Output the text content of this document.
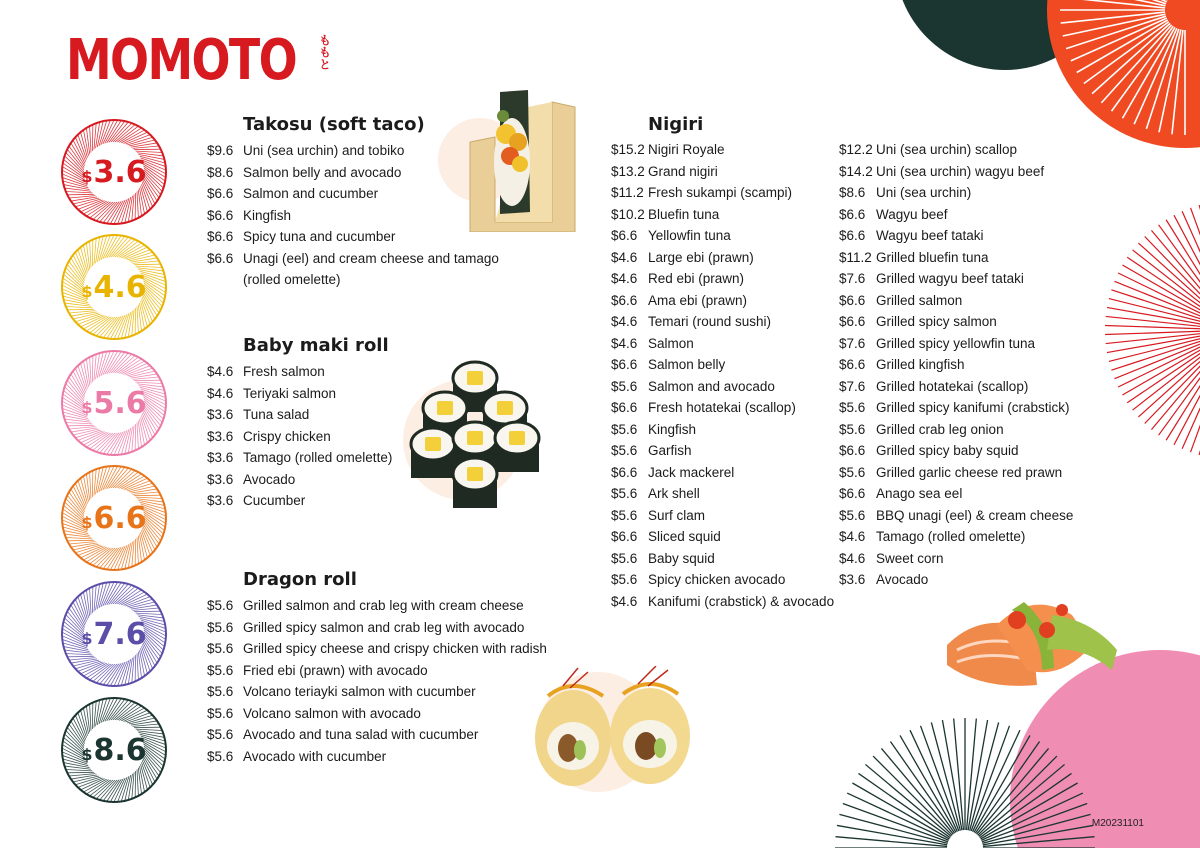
MOMOTO ももと
$ 3.6
$ 4.6
$ 5.6
$ 6.6
$ 7.6
$ 8.6
Takosu (soft taco)
$9.6 Uni (sea urchin) and tobiko
$8.6 Salmon belly and avocado
$6.6 Salmon and cucumber
$6.6 Kingfish
$6.6 Spicy tuna and cucumber
$6.6 Unagi (eel) and cream cheese and tamago
(rolled omelette)
Baby maki roll
$4.6 Fresh salmon
$4.6 Teriyaki salmon
$3.6 Tuna salad
$3.6 Crispy chicken
$3.6 Tamago (rolled omelette)
$3.6 Avocado
$3.6 Cucumber
Dragon roll
$5.6 Grilled salmon and crab leg with cream cheese
$5.6 Grilled spicy salmon and crab leg with avocado
$5.6 Grilled spicy cheese and crispy chicken with radish
$5.6 Fried ebi (prawn) with avocado
$5.6 Volcano teriayki salmon with cucumber
$5.6 Volcano salmon with avocado
$5.6 Avocado and tuna salad with cucumber
$5.6 Avocado with cucumber
Nigiri
$15.2 Nigiri Royale
$13.2 Grand nigiri
$11.2 Fresh sukampi (scampi)
$10.2 Bluefin tuna
$6.6 Yellowfin tuna
$4.6 Large ebi (prawn)
$4.6 Red ebi (prawn)
$6.6 Ama ebi (prawn)
$4.6 Temari (round sushi)
$4.6 Salmon
$6.6 Salmon belly
$5.6 Salmon and avocado
$6.6 Fresh hotatekai (scallop)
$5.6 Kingfish
$5.6 Garfish
$6.6 Jack mackerel
$5.6 Ark shell
$5.6 Surf clam
$6.6 Sliced squid
$5.6 Baby squid
$5.6 Spicy chicken avocado
$4.6 Kanifumi (crabstick) & avocado
$12.2 Uni (sea urchin) scallop
$14.2 Uni (sea urchin) wagyu beef
$8.6 Uni (sea urchin)
$6.6 Wagyu beef
$6.6 Wagyu beef tataki
$11.2 Grilled bluefin tuna
$7.6 Grilled wagyu beef tataki
$6.6 Grilled salmon
$6.6 Grilled spicy salmon
$7.6 Grilled spicy yellowfin tuna
$6.6 Grilled kingfish
$7.6 Grilled hotatekai (scallop)
$5.6 Grilled spicy kanifumi (crabstick)
$5.6 Grilled crab leg onion
$6.6 Grilled spicy baby squid
$5.6 Grilled garlic cheese red prawn
$6.6 Anago sea eel
$5.6 BBQ unagi (eel) & cream cheese
$4.6 Tamago (rolled omelette)
$4.6 Sweet corn
$3.6 Avocado
M20231101
